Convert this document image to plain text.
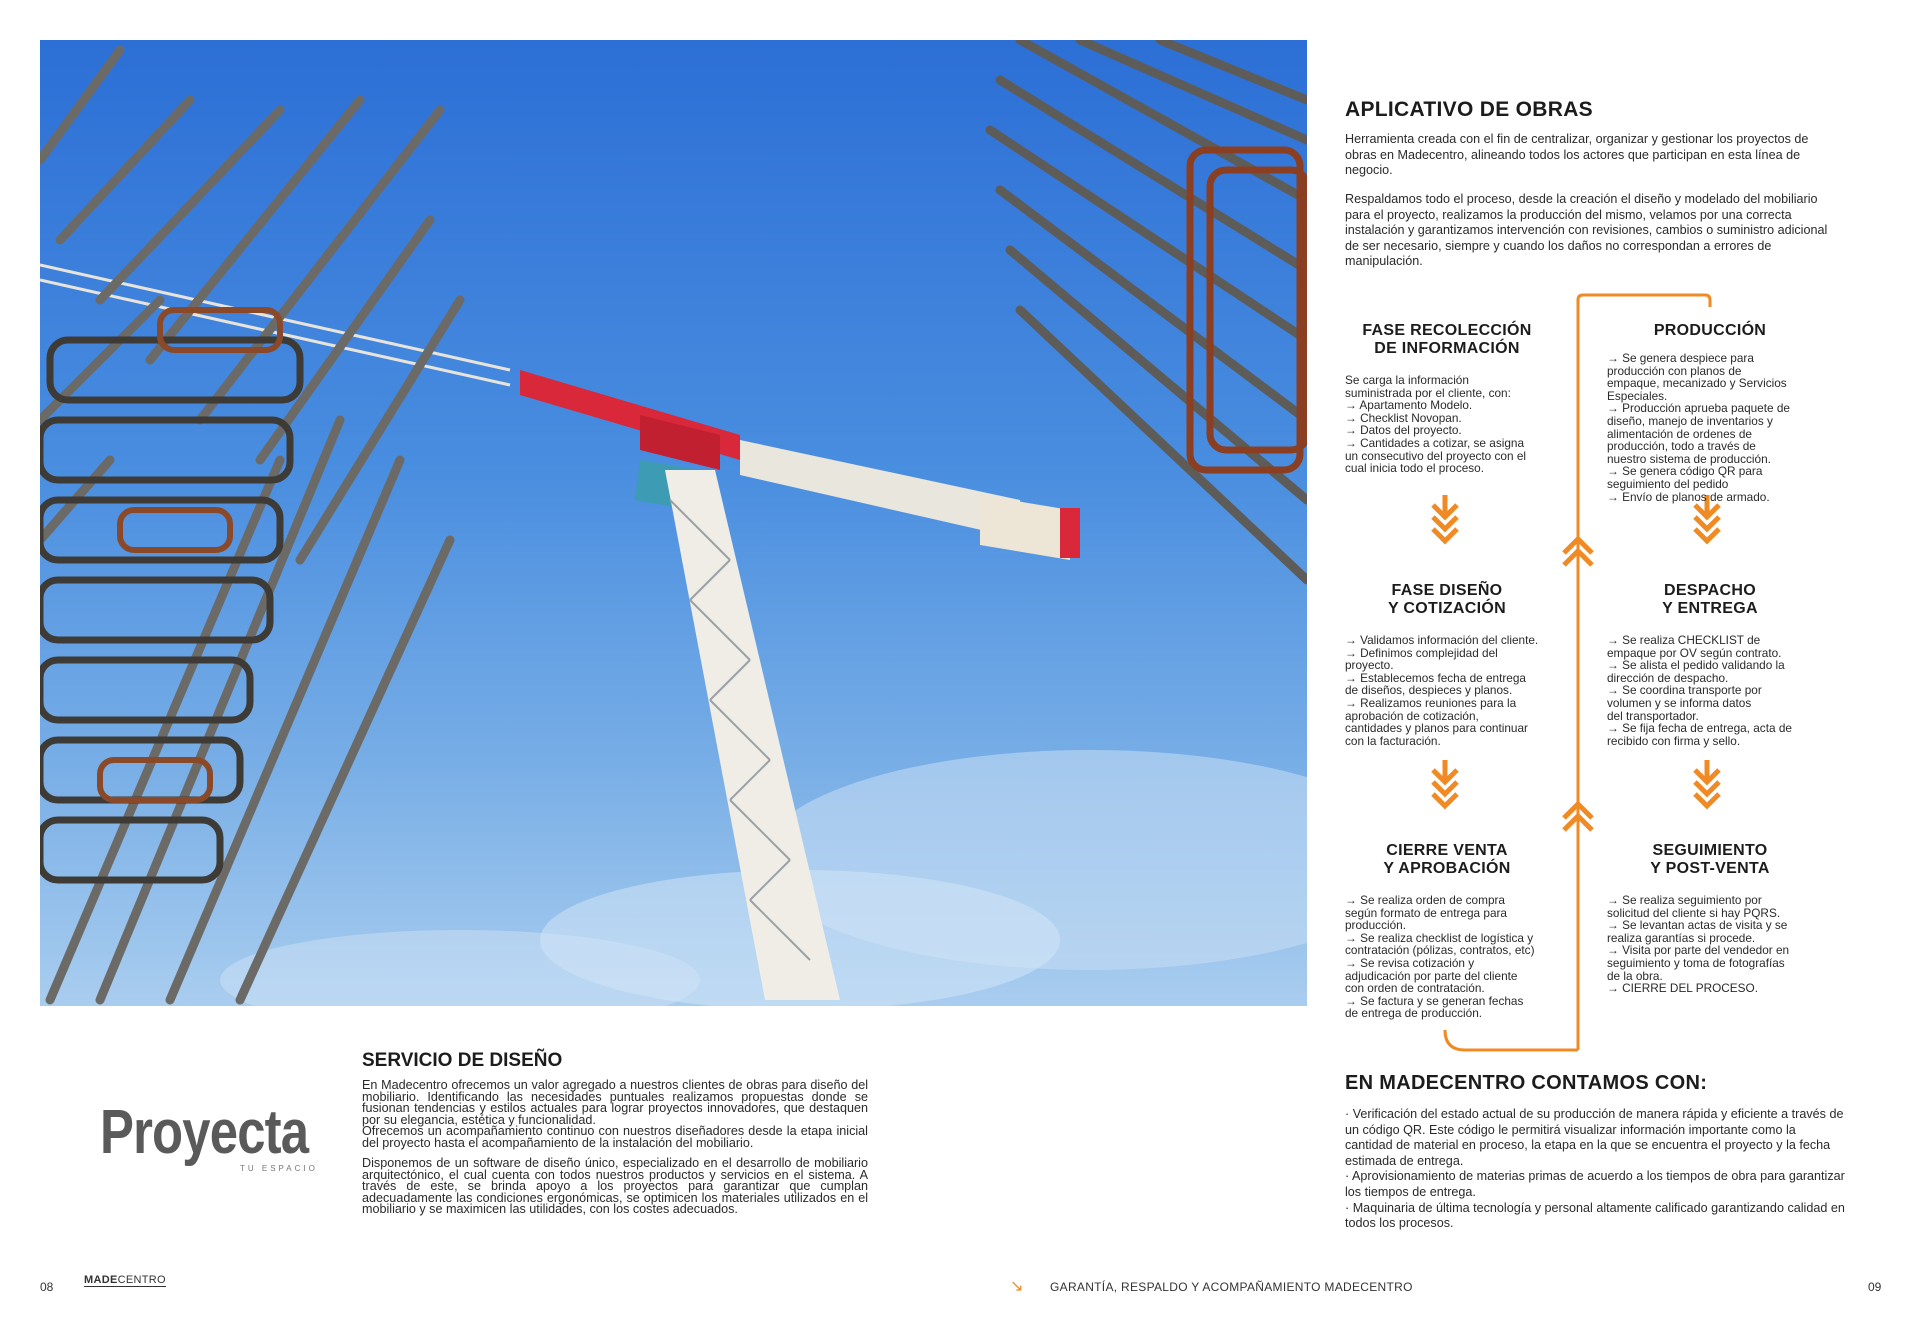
APLICATIVO DE OBRAS
Herramienta creada con el fin de centralizar, organizar y gestionar los proyectos de obras en Madecentro, alineando todos los actores que participan en esta línea de negocio.
Respaldamos todo el proceso, desde la creación el diseño y modelado del mobiliario para el proyecto, realizamos la producción del mismo, velamos por una correcta instalación y garantizamos intervención con revisiones, cambios o suministro adicional de ser necesario, siempre y cuando los daños no correspondan a errores de manipulación.
FASE RECOLECCIÓN
DE INFORMACIÓN
Se carga la información
suministrada por el cliente, con:
→ Apartamento Modelo.
→ Checklist Novopan.
→ Datos del proyecto.
→ Cantidades a cotizar, se asigna
un consecutivo del proyecto con el
cual inicia todo el proceso.
FASE DISEÑO
Y COTIZACIÓN
→ Validamos información del cliente.
→ Definimos complejidad del
proyecto.
→ Establecemos fecha de entrega
de diseños, despieces y planos.
→ Realizamos reuniones para la
aprobación de cotización,
cantidades y planos para continuar
con la facturación.
CIERRE VENTA
Y APROBACIÓN
→ Se realiza orden de compra
según formato de entrega para
producción.
→ Se realiza checklist de logística y
contratación (pólizas, contratos, etc)
→ Se revisa cotización y
adjudicación por parte del cliente
con orden de contratación.
→ Se factura y se generan fechas
de entrega de producción.
PRODUCCIÓN
→ Se genera despiece para
producción con planos de
empaque, mecanizado y Servicios
Especiales.
→ Producción aprueba paquete de
diseño, manejo de inventarios y
alimentación de ordenes de
producción, todo a través de
nuestro sistema de producción.
→ Se genera código QR para
seguimiento del pedido
→ Envío de planos de armado.
DESPACHO
Y ENTREGA
→ Se realiza CHECKLIST de
empaque por OV según contrato.
→ Se alista el pedido validando la
dirección de despacho.
→ Se coordina transporte por
volumen y se informa datos
del transportador.
→ Se fija fecha de entrega, acta de
recibido con firma y sello.
SEGUIMIENTO
Y POST-VENTA
→ Se realiza seguimiento por
solicitud del cliente si hay PQRS.
→ Se levantan actas de visita y se
realiza garantías si procede.
→ Visita por parte del vendedor en
seguimiento y toma de fotografías
de la obra.
→ CIERRE DEL PROCESO.
EN MADECENTRO CONTAMOS CON:
· Verificación del estado actual de su producción de manera rápida y eficiente a través de un código QR. Este código le permitirá visualizar información importante como la cantidad de material en proceso, la etapa en la que se encuentra el proyecto y la fecha estimada de entrega.
· Aprovisionamiento de materias primas de acuerdo a los tiempos de obra para garantizar los tiempos de entrega.
· Maquinaria de última tecnología y personal altamente calificado garantizando calidad en todos los procesos.
Proyecta
TU ESPACIO
SERVICIO DE DISEÑO
En Madecentro ofrecemos un valor agregado a nuestros clientes de obras para diseño del mobiliario. Identificando las necesidades puntuales realizamos propuestas donde se fusionan tendencias y estilos actuales para lograr proyectos innovadores, que destaquen por su elegancia, estética y funcionalidad.
Ofrecemos un acompañamiento continuo con nuestros diseñadores desde la etapa inicial del proyecto hasta el acompañamiento de la instalación del mobiliario.
Disponemos de un software de diseño único, especializado en el desarrollo de mobiliario arquitectónico, el cual cuenta con todos nuestros productos y servicios en el sistema. A través de este, se brinda apoyo a los proyectos para garantizar que cumplan adecuadamente las condiciones ergonómicas, se optimicen los materiales utilizados en el mobiliario y se maximicen las utilidades, con los costes adecuados.
08	MADECENTRO	↘ GARANTÍA, RESPALDO Y ACOMPAÑAMIENTO MADECENTRO	09
